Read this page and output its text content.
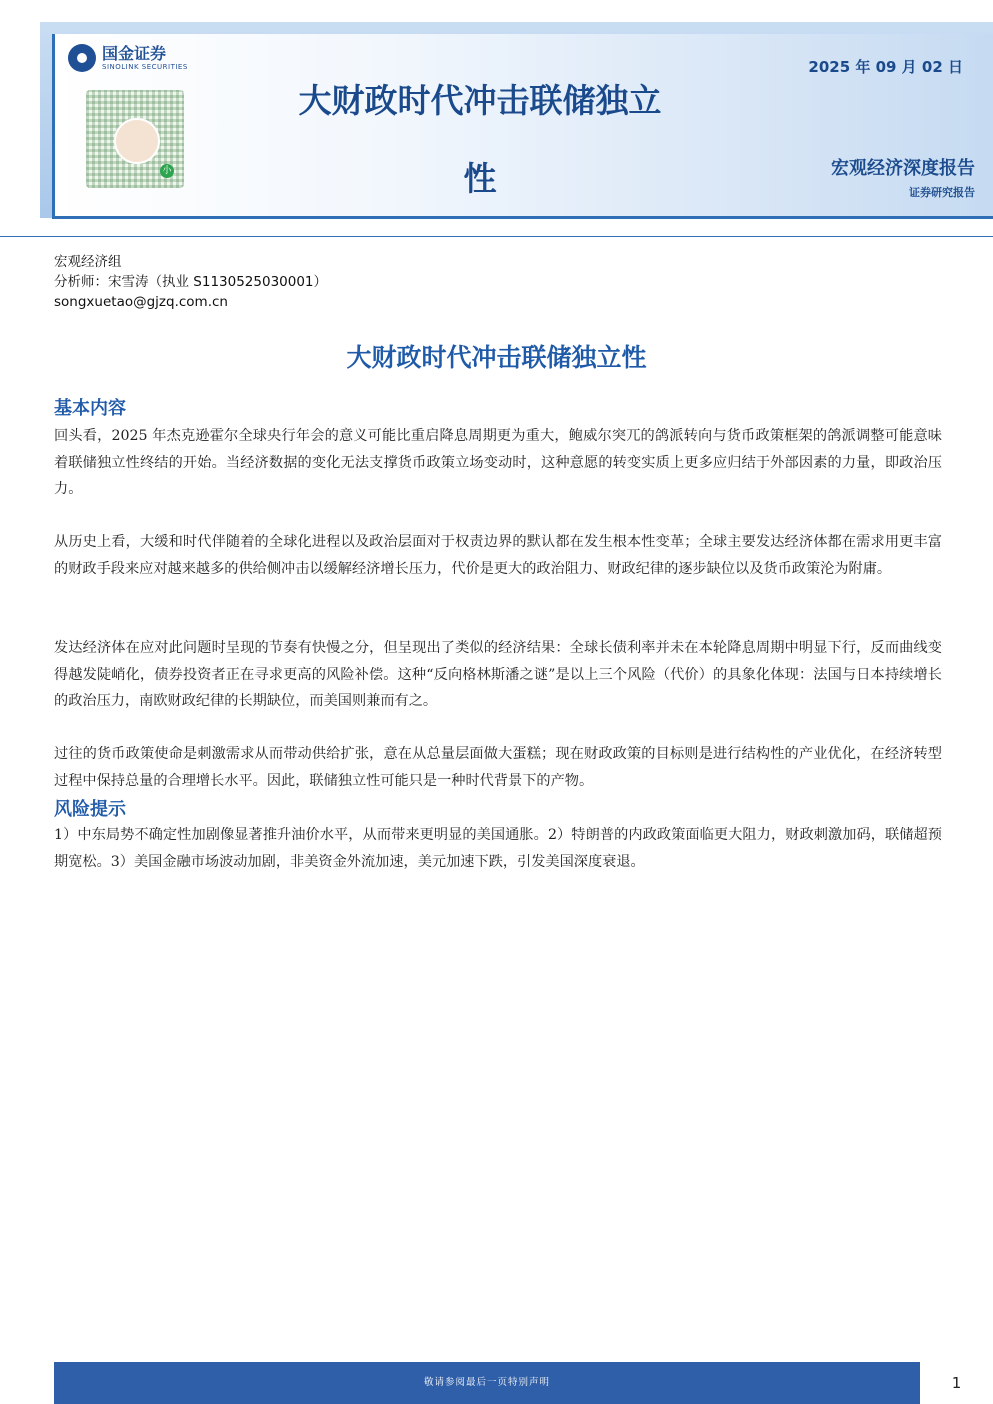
国金证券
SINOLINK SECURITIES
小
大财政时代冲击联储独立
性
2025 年 09 月 02 日
宏观经济深度报告
证券研究报告
宏观经济组
分析师：宋雪涛（执业 S1130525030001）
songxuetao@gjzq.com.cn
大财政时代冲击联储独立性
基本内容

回头看，2025 年杰克逊霍尔全球央行年会的意义可能比重启降息周期更为重大，鲍威尔突兀的鸽派转向与货币政策框架的鸽派调整可能意味着联储独立性终结的开始。当经济数据的变化无法支撑货币政策立场变动时，这种意愿的转变实质上更多应归结于外部因素的力量，即政治压力。

从历史上看，大缓和时代伴随着的全球化进程以及政治层面对于权责边界的默认都在发生根本性变革；全球主要发达经济体都在需求用更丰富的财政手段来应对越来越多的供给侧冲击以缓解经济增长压力，代价是更大的政治阻力、财政纪律的逐步缺位以及货币政策沦为附庸。

发达经济体在应对此问题时呈现的节奏有快慢之分，但呈现出了类似的经济结果：全球长债利率并未在本轮降息周期中明显下行，反而曲线变得越发陡峭化，债券投资者正在寻求更高的风险补偿。这种“反向格林斯潘之谜”是以上三个风险（代价）的具象化体现：法国与日本持续增长的政治压力，南欧财政纪律的长期缺位，而美国则兼而有之。

过往的货币政策使命是刺激需求从而带动供给扩张，意在从总量层面做大蛋糕；现在财政政策的目标则是进行结构性的产业优化，在经济转型过程中保持总量的合理增长水平。因此，联储独立性可能只是一种时代背景下的产物。

风险提示

1）中东局势不确定性加剧像显著推升油价水平，从而带来更明显的美国通胀。2）特朗普的内政政策面临更大阻力，财政刺激加码，联储超预期宽松。3）美国金融市场波动加剧，非美资金外流加速，美元加速下跌，引发美国深度衰退。

敬请参阅最后一页特别声明	1
